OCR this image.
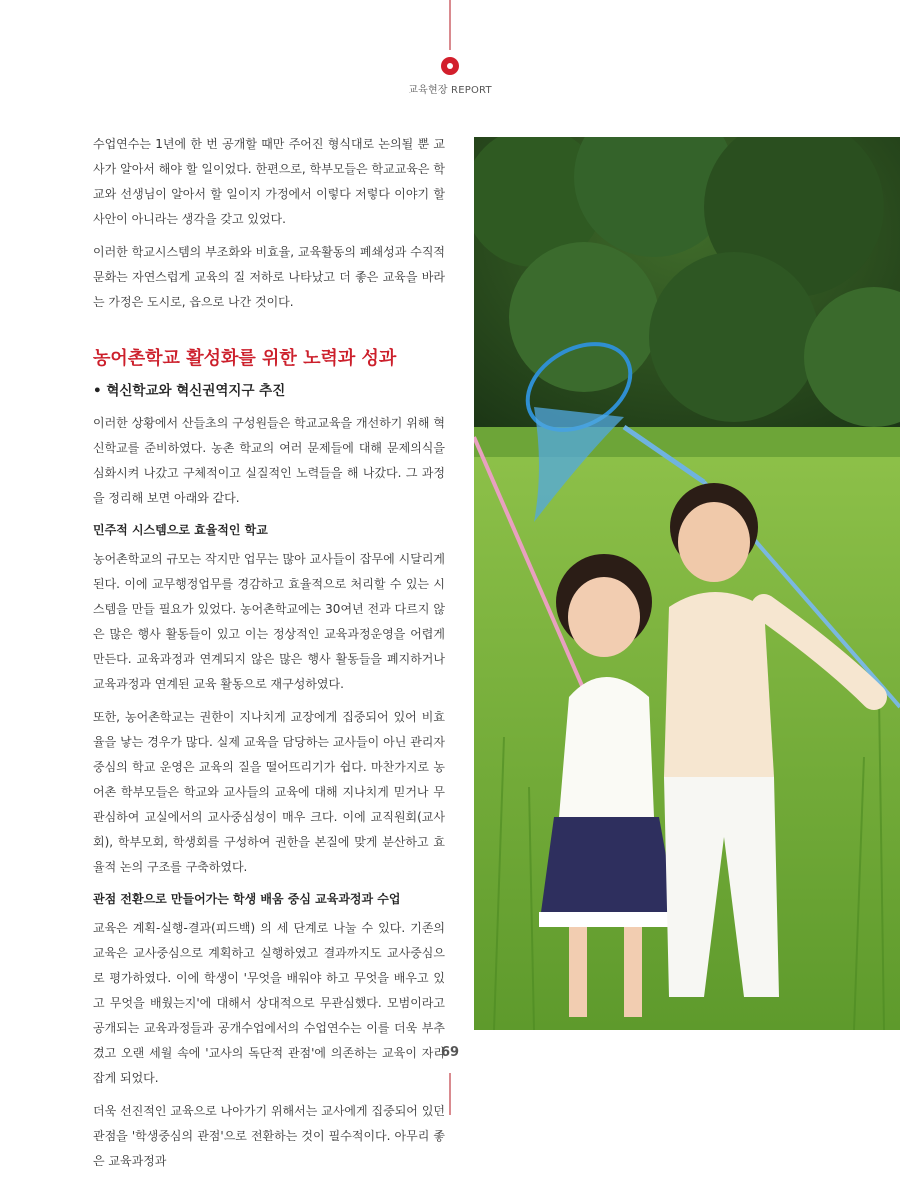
교육현장 REPORT

수업연수는 1년에 한 번 공개할 때만 주어진 형식대로 논의될 뿐 교사가 알아서 해야 할 일이었다. 한편으로, 학부모들은 학교교육은 학교와 선생님이 알아서 할 일이지 가정에서 이렇다 저렇다 이야기 할 사안이 아니라는 생각을 갖고 있었다.

이러한 학교시스템의 부조화와 비효율, 교육활동의 폐쇄성과 수직적 문화는 자연스럽게 교육의 질 저하로 나타났고 더 좋은 교육을 바라는 가정은 도시로, 읍으로 나간 것이다.

농어촌학교 활성화를 위한 노력과 성과
• 혁신학교와 혁신권역지구 추진

이러한 상황에서 산들초의 구성원들은 학교교육을 개선하기 위해 혁신학교를 준비하였다. 농촌 학교의 여러 문제들에 대해 문제의식을 심화시켜 나갔고 구체적이고 실질적인 노력들을 해 나갔다. 그 과정을 정리해 보면 아래와 같다.

민주적 시스템으로 효율적인 학교

농어촌학교의 규모는 작지만 업무는 많아 교사들이 잡무에 시달리게 된다. 이에 교무행정업무를 경감하고 효율적으로 처리할 수 있는 시스템을 만들 필요가 있었다. 농어촌학교에는 30여년 전과 다르지 않은 많은 행사 활동들이 있고 이는 정상적인 교육과정운영을 어렵게 만든다. 교육과정과 연계되지 않은 많은 행사 활동들을 폐지하거나 교육과정과 연계된 교육 활동으로 재구성하였다.

또한, 농어촌학교는 권한이 지나치게 교장에게 집중되어 있어 비효율을 낳는 경우가 많다. 실제 교육을 담당하는 교사들이 아닌 관리자 중심의 학교 운영은 교육의 질을 떨어뜨리기가 쉽다. 마찬가지로 농어촌 학부모들은 학교와 교사들의 교육에 대해 지나치게 믿거나 무관심하여 교실에서의 교사중심성이 매우 크다. 이에 교직원회(교사회), 학부모회, 학생회를 구성하여 권한을 본질에 맞게 분산하고 효율적 논의 구조를 구축하였다.

관점 전환으로 만들어가는 학생 배움 중심 교육과정과 수업

교육은 계획-실행-결과(피드백) 의 세 단계로 나눌 수 있다. 기존의 교육은 교사중심으로 계획하고 실행하였고 결과까지도 교사중심으로 평가하였다. 이에 학생이 '무엇을 배워야 하고 무엇을 배우고 있고 무엇을 배웠는지'에 대해서 상대적으로 무관심했다. 모범이라고 공개되는 교육과정들과 공개수업에서의 수업연수는 이를 더욱 부추겼고 오랜 세월 속에 '교사의 독단적 관점'에 의존하는 교육이 자리 잡게 되었다.

더욱 선진적인 교육으로 나아가기 위해서는 교사에게 집중되어 있던 관점을 '학생중심의 관점'으로 전환하는 것이 필수적이다. 아무리 좋은 교육과정과

69
